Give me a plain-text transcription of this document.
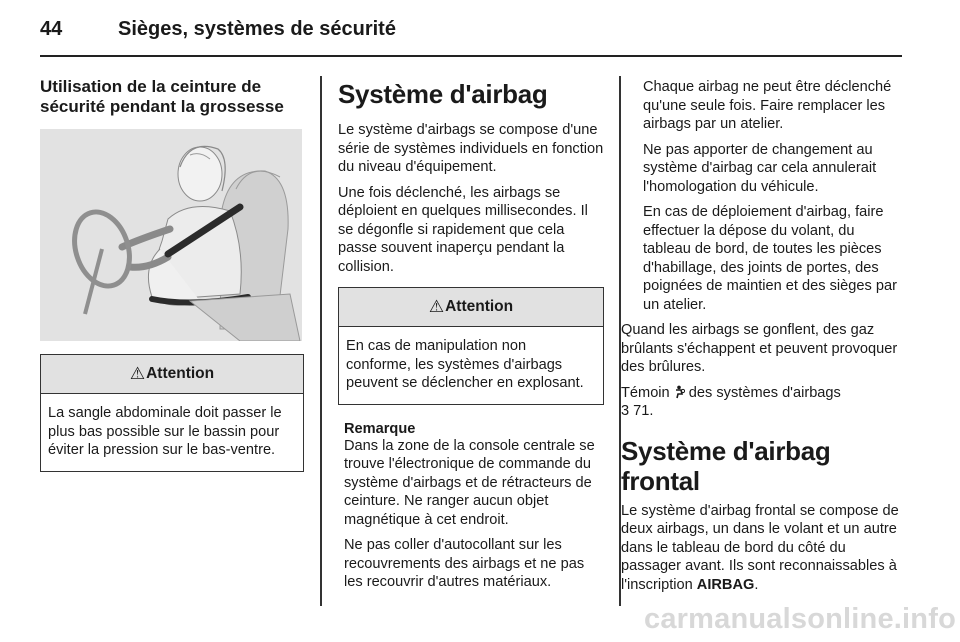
44	Sièges, systèmes de sécurité
Utilisation de la ceinture de sécurité pendant la grossesse
⚠ Attention
La sangle abdominale doit passer le plus bas possible sur le bassin pour éviter la pression sur le bas-ventre.
Système d'airbag

Le système d'airbags se compose d'une série de systèmes individuels en fonction du niveau d'équipement.

Une fois déclenché, les airbags se déploient en quelques millisecondes. Il se dégonfle si rapidement que cela passe souvent inaperçu pendant la collision.

⚠ Attention
En cas de manipulation non conforme, les systèmes d'airbags peuvent se déclencher en explosant.
Remarque

Dans la zone de la console centrale se trouve l'électronique de commande du système d'airbags et de rétracteurs de ceinture. Ne ranger aucun objet magnétique à cet endroit.

Ne pas coller d'autocollant sur les recouvrements des airbags et ne pas les recouvrir d'autres matériaux.

Chaque airbag ne peut être déclenché qu'une seule fois. Faire remplacer les airbags par un atelier.

Ne pas apporter de changement au système d'airbag car cela annulerait l'homologation du véhicule.

En cas de déploiement d'airbag, faire effectuer la dépose du volant, du tableau de bord, de toutes les pièces d'habillage, des joints de portes, des poignées de maintien et des sièges par un atelier.

Quand les airbags se gonflent, des gaz brûlants s'échappent et peuvent provoquer des brûlures.

Témoin des systèmes d'airbags
3 71.

Système d'airbag frontal

Le système d'airbag frontal se compose de deux airbags, un dans le volant et un autre dans le tableau de bord du côté du passager avant. Ils sont reconnaissables à l'inscription AIRBAG.

carmanualsonline.info
